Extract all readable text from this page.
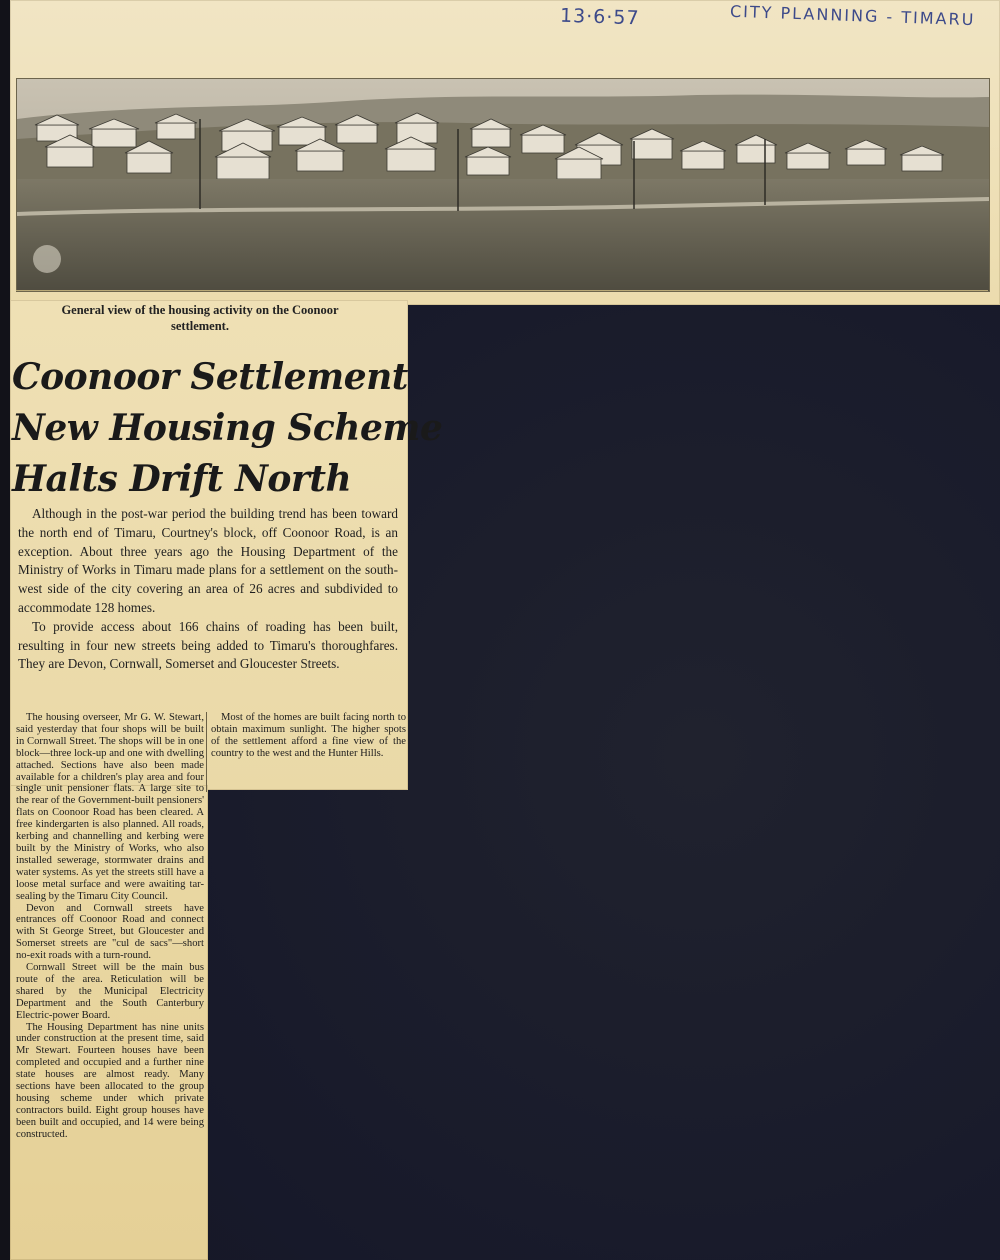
13·6·57	CITY PLANNING - TIMARU
General view of the housing activity on the Coonoor settlement.
Coonoor Settlement
New Housing Scheme
Halts Drift North

Although in the post-war period the building trend has been toward the north end of Timaru, Courtney's block, off Coonoor Road, is an exception. About three years ago the Housing Department of the Ministry of Works in Timaru made plans for a settlement on the south-west side of the city covering an area of 26 acres and subdivided to accommodate 128 homes.

To provide access about 166 chains of roading has been built, resulting in four new streets being added to Timaru's thoroughfares. They are Devon, Cornwall, Somerset and Gloucester Streets.

The housing overseer, Mr G. W. Stewart, said yesterday that four shops will be built in Cornwall Street. The shops will be in one block—three lock-up and one with dwelling attached. Sections have also been made available for a children's play area and four single unit pensioner flats. A large site to the rear of the Government-built pensioners' flats on Coonoor Road has been cleared. A free kindergarten is also planned. All roads, kerbing and channelling and kerbing were built by the Ministry of Works, who also installed sewerage, stormwater drains and water systems. As yet the streets still have a loose metal surface and were awaiting tar-sealing by the Timaru City Council.

Devon and Cornwall streets have entrances off Coonoor Road and connect with St George Street, but Gloucester and Somerset streets are "cul de sacs"—short no-exit roads with a turn-round.

Cornwall Street will be the main bus route of the area. Reticulation will be shared by the Municipal Electricity Department and the South Canterbury Electric-power Board.

The Housing Department has nine units under construction at the present time, said Mr Stewart. Fourteen houses have been completed and occupied and a further nine state houses are almost ready. Many sections have been allocated to the group housing scheme under which private contractors build. Eight group houses have been built and occupied, and 14 were being constructed.

Most of the homes are built facing north to obtain maximum sunlight. The higher spots of the settlement afford a fine view of the country to the west and the Hunter Hills.
